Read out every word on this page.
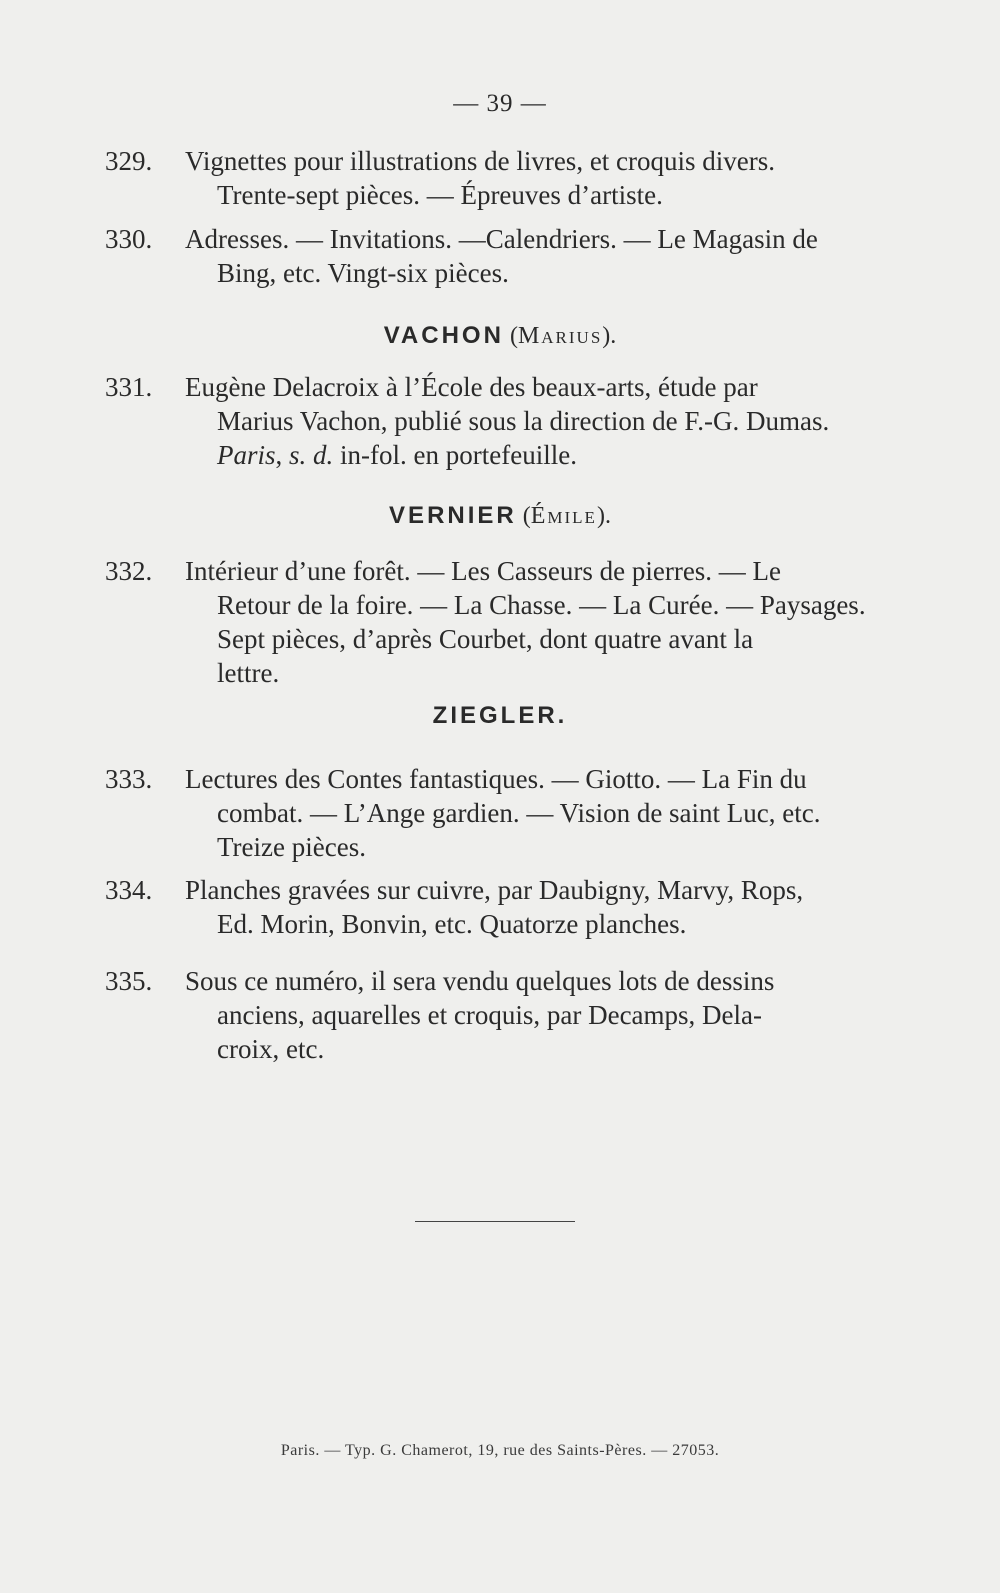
— 39 —
329.	Vignettes pour illustrations de livres, et croquis divers.
Trente-sept pièces. — Épreuves d’artiste.
330.	Adresses. — Invitations. —Calendriers. — Le Magasin de
Bing, etc. Vingt-six pièces.
VACHON (Marius).
331.	Eugène Delacroix à l’École des beaux-arts, étude par
Marius Vachon, publié sous la direction de F.-G. Dumas.
Paris, s. d. in-fol. en portefeuille.
VERNIER (Émile).
332.	Intérieur d’une forêt. — Les Casseurs de pierres. — Le
Retour de la foire. — La Chasse. — La Curée. — Paysages.
Sept pièces, d’après Courbet, dont quatre avant la
lettre.
ZIEGLER.
333.	Lectures des Contes fantastiques. — Giotto. — La Fin du
combat. — L’Ange gardien. — Vision de saint Luc, etc.
Treize pièces.
334.	Planches gravées sur cuivre, par Daubigny, Marvy, Rops,
Ed. Morin, Bonvin, etc. Quatorze planches.
335.	Sous ce numéro, il sera vendu quelques lots de dessins
anciens, aquarelles et croquis, par Decamps, Dela-
croix, etc.
Paris. — Typ. G. Chamerot, 19, rue des Saints-Pères. — 27053.
